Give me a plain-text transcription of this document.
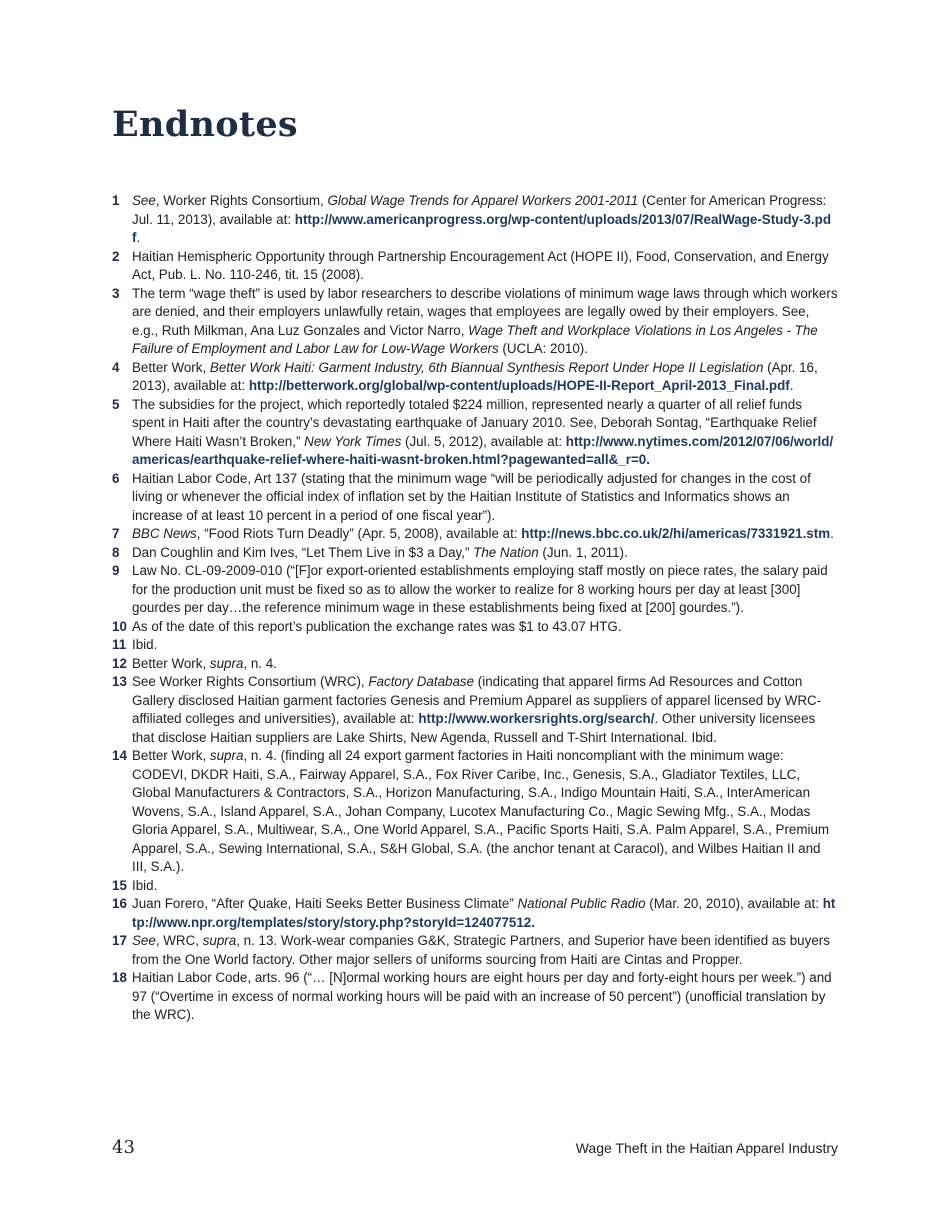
Endnotes
1 See, Worker Rights Consortium, Global Wage Trends for Apparel Workers 2001-2011 (Center for American Progress: Jul. 11, 2013), available at: http://www.americanprogress.org/wp-content/uploads/2013/07/RealWage-Study-3.pdf.
2 Haitian Hemispheric Opportunity through Partnership Encouragement Act (HOPE II), Food, Conservation, and Energy Act, Pub. L. No. 110-246, tit. 15 (2008).
3 The term “wage theft” is used by labor researchers to describe violations of minimum wage laws through which workers are denied, and their employers unlawfully retain, wages that employees are legally owed by their employers. See, e.g., Ruth Milkman, Ana Luz Gonzales and Victor Narro, Wage Theft and Workplace Violations in Los Angeles - The Failure of Employment and Labor Law for Low-Wage Workers (UCLA: 2010).
4 Better Work, Better Work Haiti: Garment Industry, 6th Biannual Synthesis Report Under Hope II Legislation (Apr. 16, 2013), available at: http://betterwork.org/global/wp-content/uploads/HOPE-II-Report_April-2013_Final.pdf.
5 The subsidies for the project, which reportedly totaled $224 million, represented nearly a quarter of all relief funds spent in Haiti after the country’s devastating earthquake of January 2010. See, Deborah Sontag, “Earthquake Relief Where Haiti Wasn’t Broken,” New York Times (Jul. 5, 2012), available at: http://www.nytimes.com/2012/07/06/world/americas/earthquake-relief-where-haiti-wasnt-broken.html?pagewanted=all&_r=0.
6 Haitian Labor Code, Art 137 (stating that the minimum wage “will be periodically adjusted for changes in the cost of living or whenever the official index of inflation set by the Haitian Institute of Statistics and Informatics shows an increase of at least 10 percent in a period of one fiscal year”).
7 BBC News, “Food Riots Turn Deadly” (Apr. 5, 2008), available at: http://news.bbc.co.uk/2/hi/americas/7331921.stm.
8 Dan Coughlin and Kim Ives, “Let Them Live in $3 a Day,” The Nation (Jun. 1, 2011).
9 Law No. CL-09-2009-010 (“[F]or export-oriented establishments employing staff mostly on piece rates, the salary paid for the production unit must be fixed so as to allow the worker to realize for 8 working hours per day at least [300] gourdes per day…the reference minimum wage in these establishments being fixed at [200] gourdes.”).
10 As of the date of this report’s publication the exchange rates was $1 to 43.07 HTG.
11 Ibid.
12 Better Work, supra, n. 4.
13 See Worker Rights Consortium (WRC), Factory Database (indicating that apparel firms Ad Resources and Cotton Gallery disclosed Haitian garment factories Genesis and Premium Apparel as suppliers of apparel licensed by WRC-affiliated colleges and universities), available at: http://www.workersrights.org/search/. Other university licensees that disclose Haitian suppliers are Lake Shirts, New Agenda, Russell and T-Shirt International. Ibid.
14 Better Work, supra, n. 4. (finding all 24 export garment factories in Haiti noncompliant with the minimum wage: CODEVI, DKDR Haiti, S.A., Fairway Apparel, S.A., Fox River Caribe, Inc., Genesis, S.A., Gladiator Textiles, LLC, Global Manufacturers & Contractors, S.A., Horizon Manufacturing, S.A., Indigo Mountain Haiti, S.A., InterAmerican Wovens, S.A., Island Apparel, S.A., Johan Company, Lucotex Manufacturing Co., Magic Sewing Mfg., S.A., Modas Gloria Apparel, S.A., Multiwear, S.A., One World Apparel, S.A., Pacific Sports Haiti, S.A. Palm Apparel, S.A., Premium Apparel, S.A., Sewing International, S.A., S&H Global, S.A. (the anchor tenant at Caracol), and Wilbes Haitian II and III, S.A.).
15 Ibid.
16 Juan Forero, “After Quake, Haiti Seeks Better Business Climate” National Public Radio (Mar. 20, 2010), available at: http://www.npr.org/templates/story/story.php?storyId=124077512.
17 See, WRC, supra, n. 13. Work-wear companies G&K, Strategic Partners, and Superior have been identified as buyers from the One World factory. Other major sellers of uniforms sourcing from Haiti are Cintas and Propper.
18 Haitian Labor Code, arts. 96 (“… [N]ormal working hours are eight hours per day and forty-eight hours per week.”) and 97 (“Overtime in excess of normal working hours will be paid with an increase of 50 percent”) (unofficial translation by the WRC).
43	Wage Theft in the Haitian Apparel Industry
